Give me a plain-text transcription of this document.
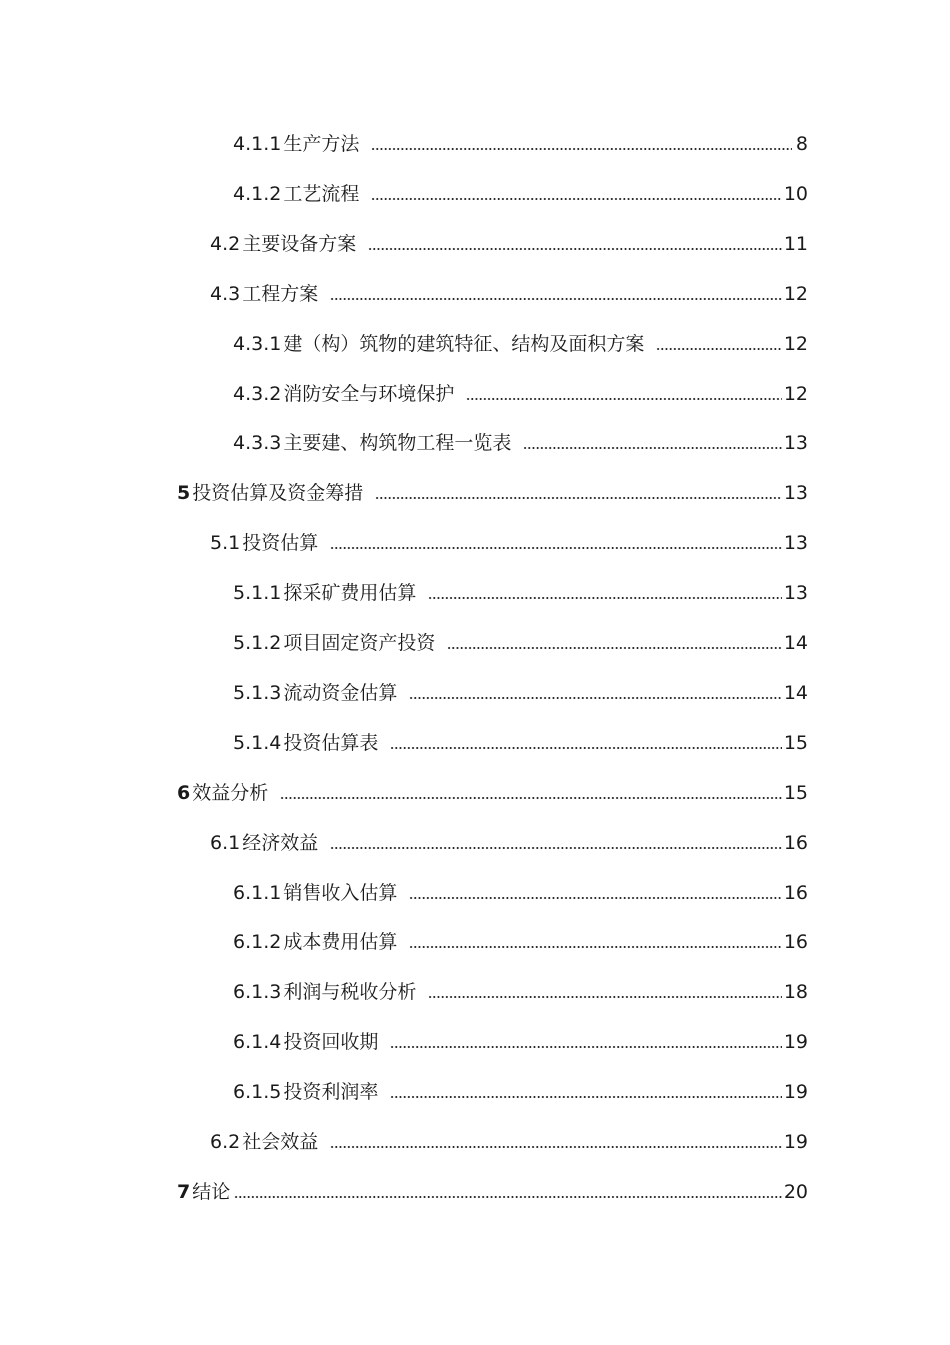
4.1.1 生产方法	8
4.1.2 工艺流程	10
4.2 主要设备方案	11
4.3 工程方案	12
4.3.1 建（构）筑物的建筑特征、结构及面积方案	12
4.3.2 消防安全与环境保护	12
4.3.3 主要建、构筑物工程一览表	13
5 投资估算及资金筹措	13
5.1 投资估算	13
5.1.1 探采矿费用估算	13
5.1.2 项目固定资产投资	14
5.1.3 流动资金估算	14
5.1.4 投资估算表	15
6 效益分析	15
6.1 经济效益	16
6.1.1 销售收入估算	16
6.1.2 成本费用估算	16
6.1.3 利润与税收分析	18
6.1.4 投资回收期	19
6.1.5 投资利润率	19
6.2 社会效益	19
7 结论	20
